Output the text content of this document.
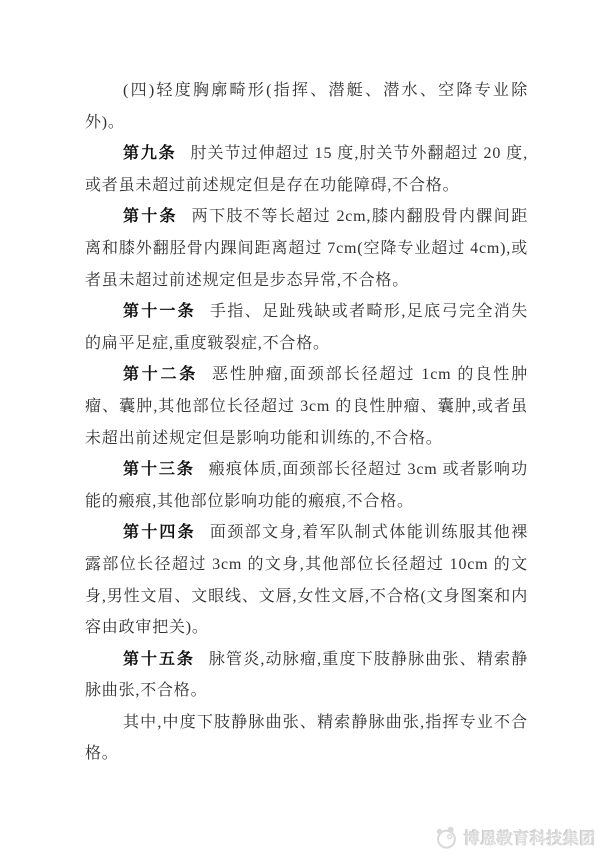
(四)轻度胸廓畸形(指挥、潜艇、潜水、空降专业除外)。

第九条 肘关节过伸超过 15 度,肘关节外翻超过 20 度,或者虽未超过前述规定但是存在功能障碍,不合格。

第十条 两下肢不等长超过 2cm,膝内翻股骨内髁间距离和膝外翻胫骨内踝间距离超过 7cm(空降专业超过 4cm),或者虽未超过前述规定但是步态异常,不合格。

第十一条 手指、足趾残缺或者畸形,足底弓完全消失的扁平足症,重度皲裂症,不合格。

第十二条 恶性肿瘤,面颈部长径超过 1cm 的良性肿瘤、囊肿,其他部位长径超过 3cm 的良性肿瘤、囊肿,或者虽未超出前述规定但是影响功能和训练的,不合格。

第十三条 瘢痕体质,面颈部长径超过 3cm 或者影响功能的瘢痕,其他部位影响功能的瘢痕,不合格。

第十四条 面颈部文身,着军队制式体能训练服其他裸露部位长径超过 3cm 的文身,其他部位长径超过 10cm 的文身,男性文眉、文眼线、文唇,女性文唇,不合格(文身图案和内容由政审把关)。

第十五条 脉管炎,动脉瘤,重度下肢静脉曲张、精索静脉曲张,不合格。

其中,中度下肢静脉曲张、精索静脉曲张,指挥专业不合格。

博恩教育科技集团
